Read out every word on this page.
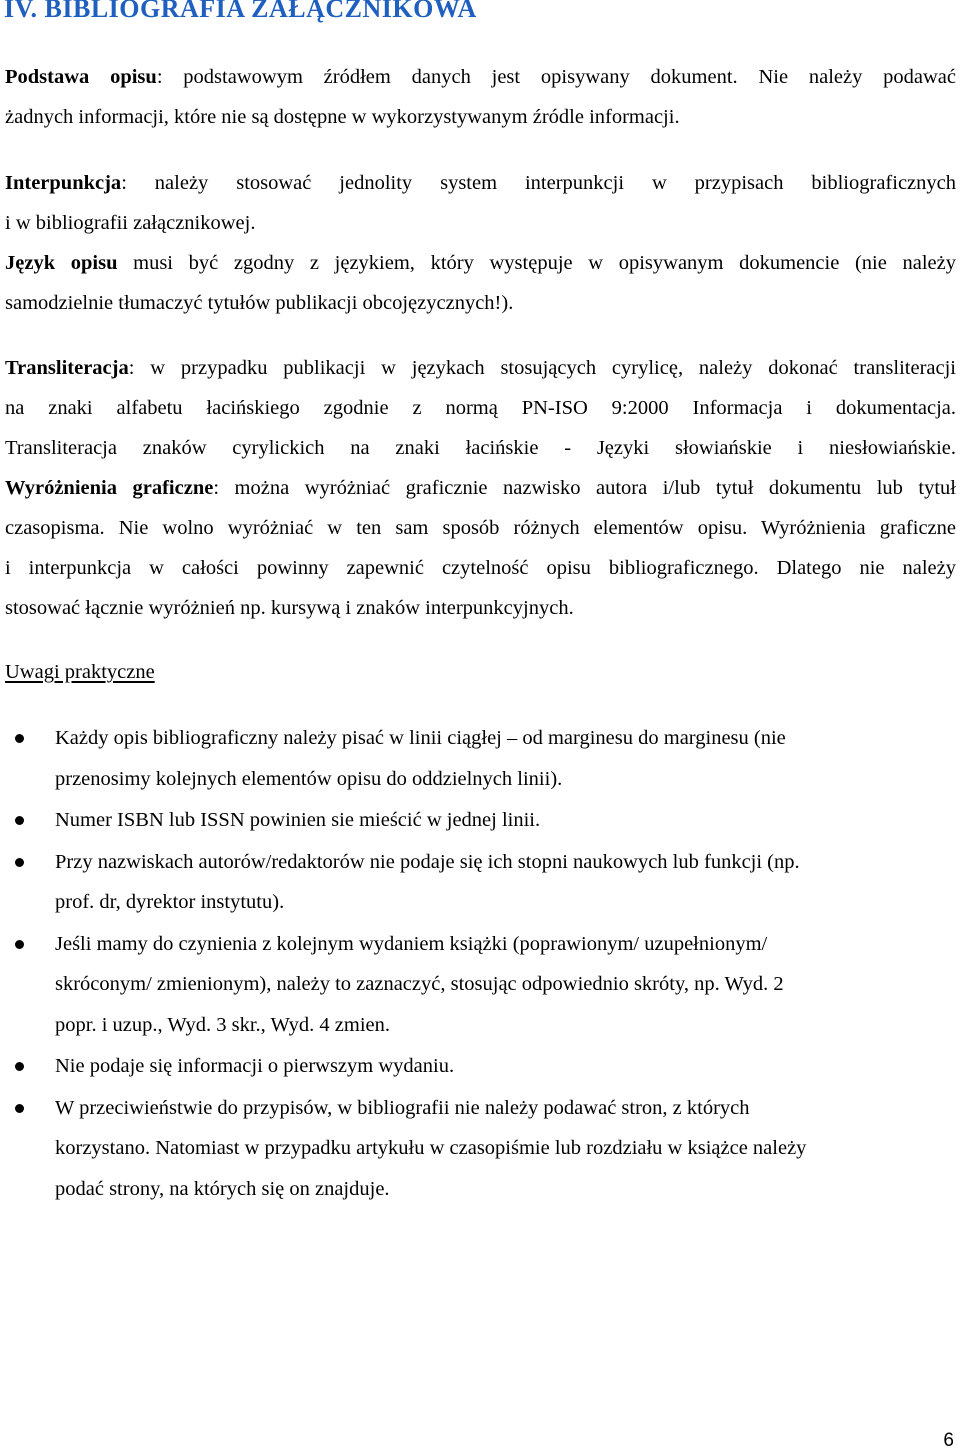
IV. BIBLIOGRAFIA ZAŁĄCZNIKOWA
Podstawa opisu: podstawowym źródłem danych jest opisywany dokument. Nie należy podawać
żadnych informacji, które nie są dostępne w wykorzystywanym źródle informacji.
Interpunkcja: należy stosować jednolity system interpunkcji w przypisach bibliograficznych
i w bibliografii załącznikowej.
Język opisu musi być zgodny z językiem, który występuje w opisywanym dokumencie (nie należy
samodzielnie tłumaczyć tytułów publikacji obcojęzycznych!).
Transliteracja: w przypadku publikacji w językach stosujących cyrylicę, należy dokonać transliteracji
na znaki alfabetu łacińskiego zgodnie z normą PN-ISO 9:2000 Informacja i dokumentacja.
Transliteracja znaków cyrylickich na znaki łacińskie - Języki słowiańskie i niesłowiańskie.
Wyróżnienia graficzne: można wyróżniać graficznie nazwisko autora i/lub tytuł dokumentu lub tytuł
czasopisma. Nie wolno wyróżniać w ten sam sposób różnych elementów opisu. Wyróżnienia graficzne
i interpunkcja w całości powinny zapewnić czytelność opisu bibliograficznego. Dlatego nie należy
stosować łącznie wyróżnień np. kursywą i znaków interpunkcyjnych.
Uwagi praktyczne
Każdy opis bibliograficzny należy pisać w linii ciągłej – od marginesu do marginesu (nie
przenosimy kolejnych elementów opisu do oddzielnych linii).
Numer ISBN lub ISSN powinien sie mieścić w jednej linii.
Przy nazwiskach autorów/redaktorów nie podaje się ich stopni naukowych lub funkcji (np.
prof. dr, dyrektor instytutu).
Jeśli mamy do czynienia z kolejnym wydaniem książki (poprawionym/ uzupełnionym/
skróconym/ zmienionym), należy to zaznaczyć, stosując odpowiednio skróty, np. Wyd. 2
popr. i uzup., Wyd. 3 skr., Wyd. 4 zmien.
Nie podaje się informacji o pierwszym wydaniu.
W przeciwieństwie do przypisów, w bibliografii nie należy podawać stron, z których
korzystano. Natomiast w przypadku artykułu w czasopiśmie lub rozdziału w książce należy
podać strony, na których się on znajduje.
6
